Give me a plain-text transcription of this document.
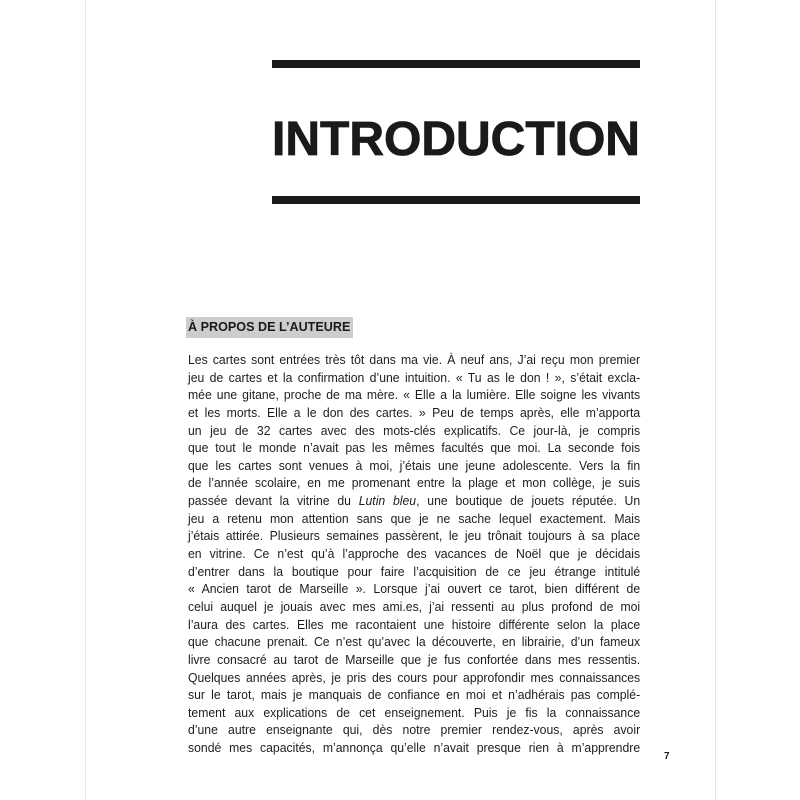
INTRODUCTION
À PROPOS DE L’AUTEURE
Les cartes sont entrées très tôt dans ma vie. À neuf ans, J’ai reçu mon premier
jeu de cartes et la confirmation d’une intuition. « Tu as le don ! », s’était excla-
mée une gitane, proche de ma mère. « Elle a la lumière. Elle soigne les vivants
et les morts. Elle a le don des cartes. » Peu de temps après, elle m’apporta
un jeu de 32 cartes avec des mots-clés explicatifs. Ce jour-là, je compris
que tout le monde n’avait pas les mêmes facultés que moi. La seconde fois
que les cartes sont venues à moi, j’étais une jeune adolescente. Vers la fin
de l’année scolaire, en me promenant entre la plage et mon collège, je suis
passée devant la vitrine du Lutin bleu, une boutique de jouets réputée. Un
jeu a retenu mon attention sans que je ne sache lequel exactement. Mais
j’étais attirée. Plusieurs semaines passèrent, le jeu trônait toujours à sa place
en vitrine. Ce n’est qu’à l’approche des vacances de Noël que je décidais
d’entrer dans la boutique pour faire l’acquisition de ce jeu étrange intitulé
« Ancien tarot de Marseille ». Lorsque j’ai ouvert ce tarot, bien différent de
celui auquel je jouais avec mes ami.es, j’ai ressenti au plus profond de moi
l’aura des cartes. Elles me racontaient une histoire différente selon la place
que chacune prenait. Ce n’est qu’avec la découverte, en librairie, d’un fameux
livre consacré au tarot de Marseille que je fus confortée dans mes ressentis.
Quelques années après, je pris des cours pour approfondir mes connaissances
sur le tarot, mais je manquais de confiance en moi et n’adhérais pas complé-
tement aux explications de cet enseignement. Puis je fis la connaissance
d’une autre enseignante qui, dès notre premier rendez-vous, après avoir
sondé mes capacités, m’annonça qu’elle n’avait presque rien à m’apprendre
7
